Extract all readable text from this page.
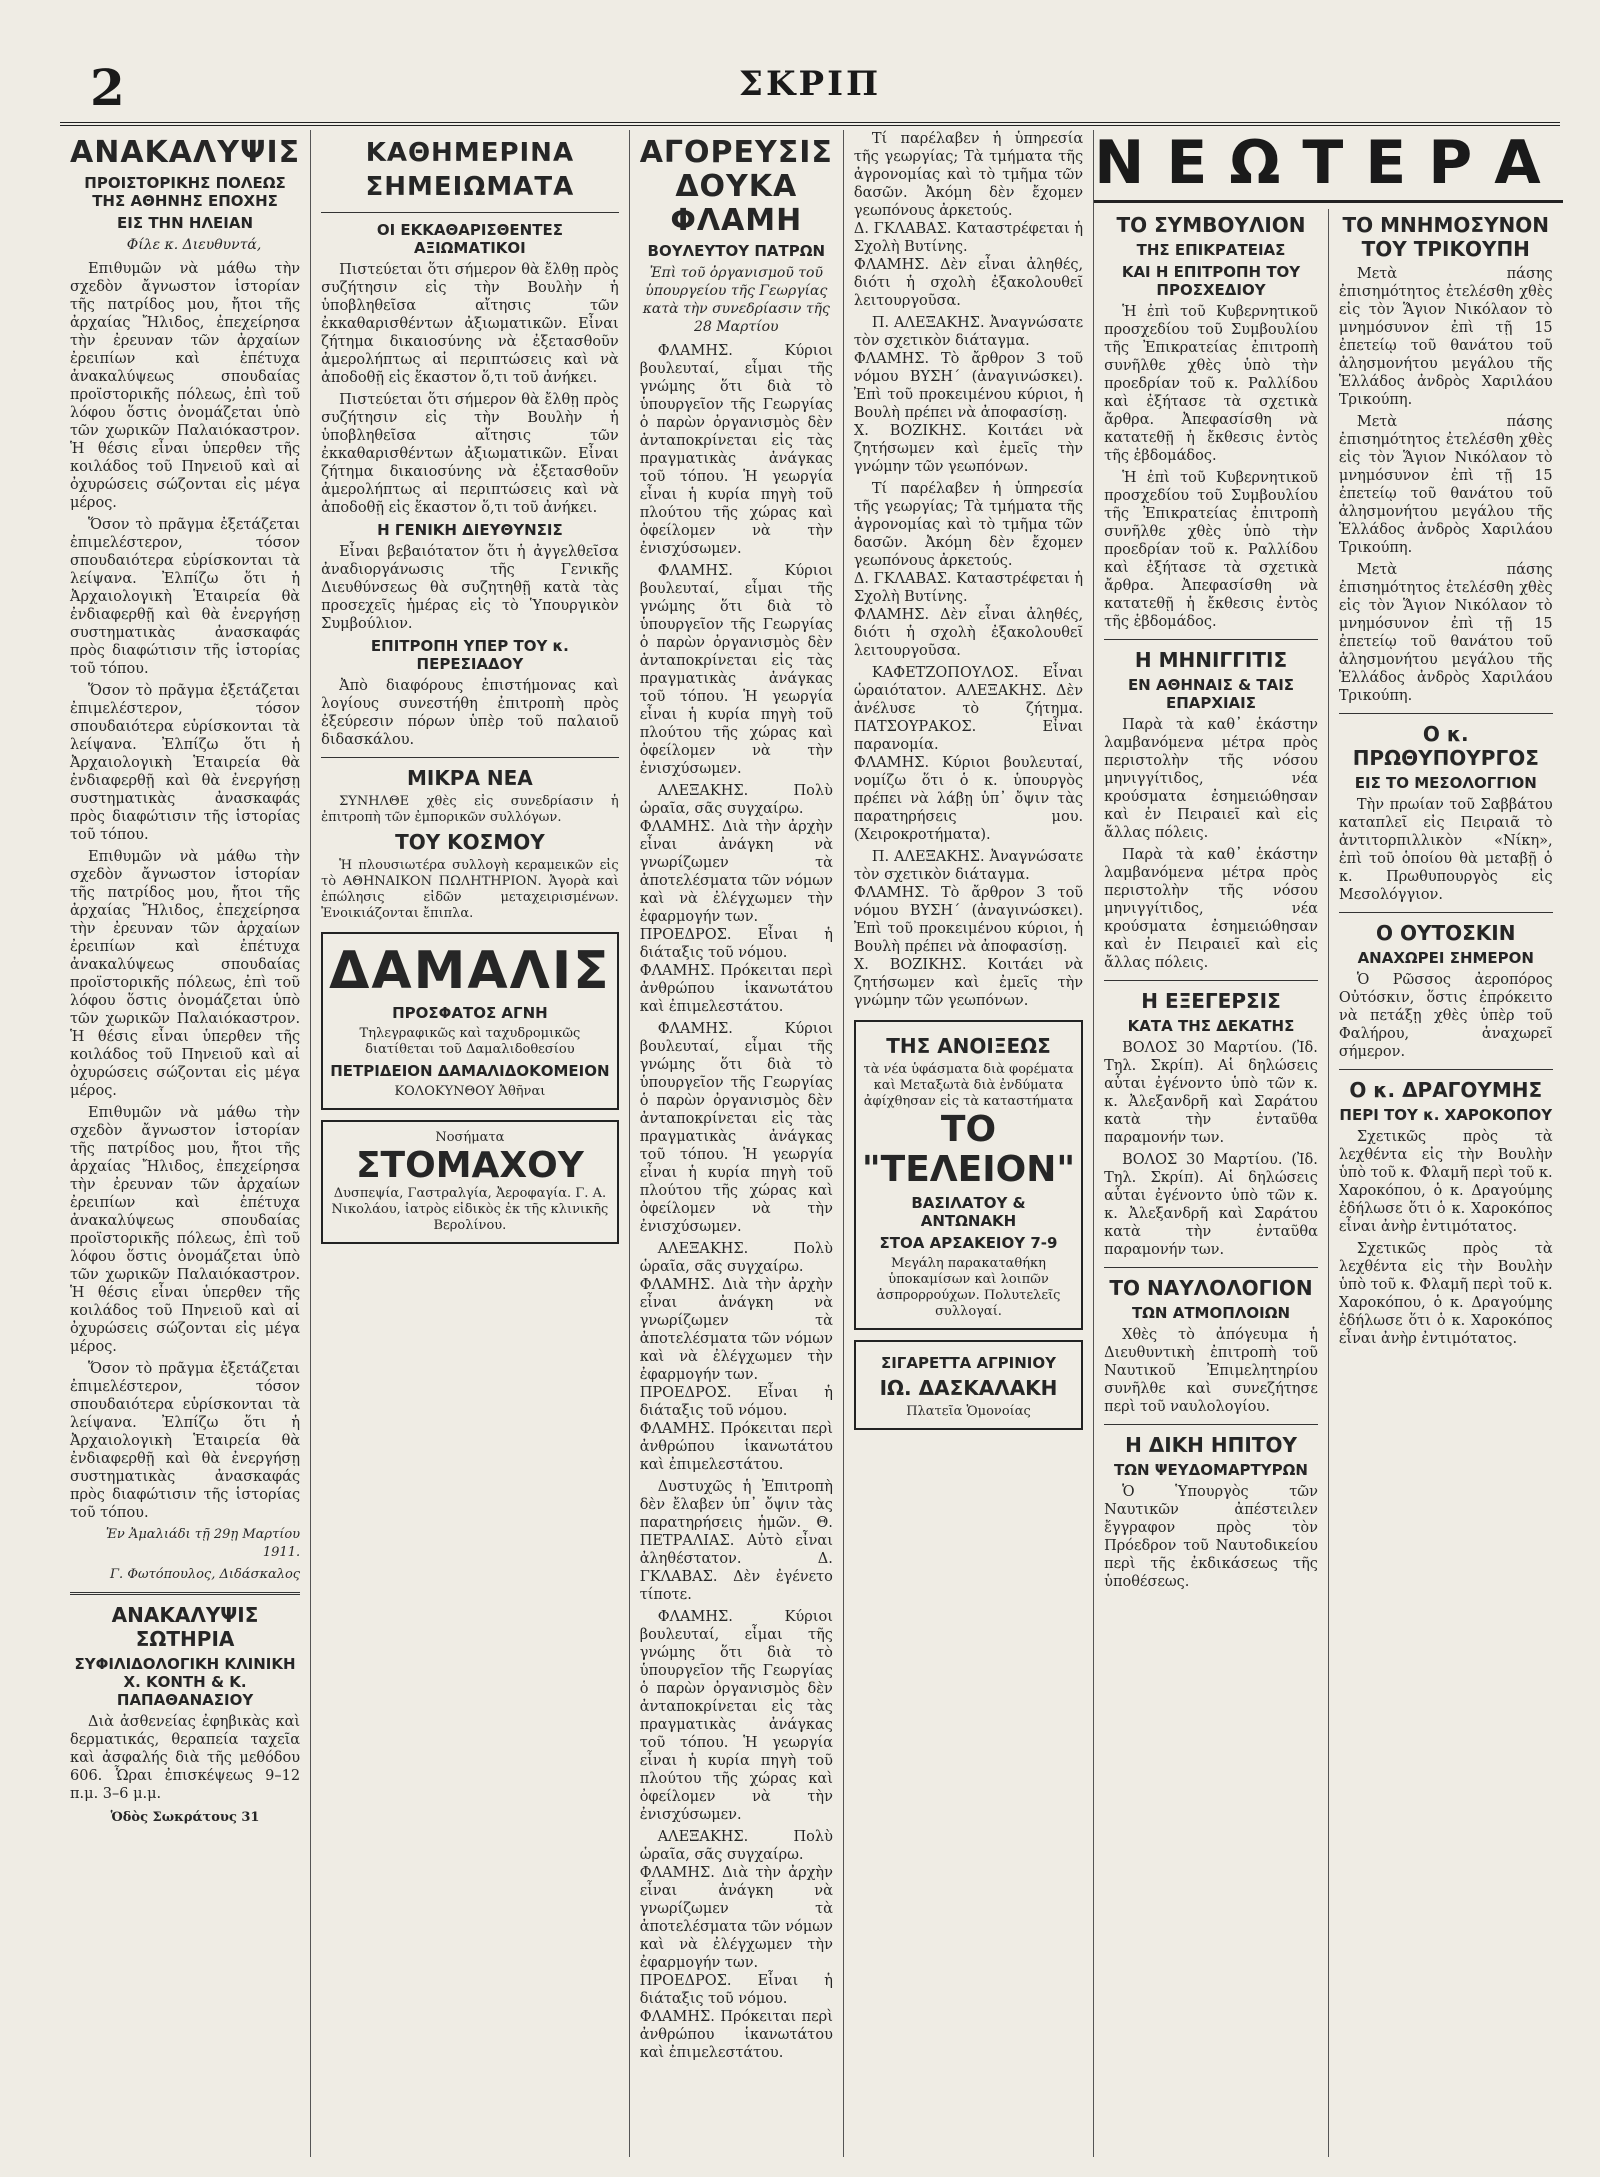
2	ΣΚΡΙΠ
ΑΝΑΚΑΛΥΨΙΣ
ΠΡΟΙΣΤΟΡΙΚΗΣ ΠΟΛΕΩΣ ΤΗΣ ΑΘΗΝΗΣ ΕΠΟΧΗΣ
ΕΙΣ ΤΗΝ ΗΛΕΙΑΝ

Φίλε κ. Διευθυντά,

Επιθυμῶν νὰ μάθω τὴν σχεδὸν ἄγνωστον ἱστορίαν τῆς πατρίδος μου, ἤτοι τῆς ἀρχαίας Ἤλιδος, ἐπεχείρησα τὴν ἐρευναν τῶν ἀρχαίων ἐρειπίων καὶ ἐπέτυχα ἀνακαλύψεως σπουδαίας προϊστορικῆς πόλεως, ἐπὶ τοῦ λόφου ὅστις ὀνομάζεται ὑπὸ τῶν χωρικῶν Παλαιόκαστρον. Ἡ θέσις εἶναι ὑπερθεν τῆς κοιλάδος τοῦ Πηνειοῦ καὶ αἱ ὀχυρώσεις σώζονται εἰς μέγα μέρος.

Ὅσον τὸ πρᾶγμα ἐξετάζεται ἐπιμελέστερον, τόσον σπουδαιότερα εὑρίσκονται τὰ λείψανα. Ἐλπίζω ὅτι ἡ Ἀρχαιολογικὴ Ἑταιρεία θὰ ἐνδιαφερθῇ καὶ θὰ ἐνεργήσῃ συστηματικὰς ἀνασκαφάς πρὸς διαφώτισιν τῆς ἱστορίας τοῦ τόπου.

Ὅσον τὸ πρᾶγμα ἐξετάζεται ἐπιμελέστερον, τόσον σπουδαιότερα εὑρίσκονται τὰ λείψανα. Ἐλπίζω ὅτι ἡ Ἀρχαιολογικὴ Ἑταιρεία θὰ ἐνδιαφερθῇ καὶ θὰ ἐνεργήσῃ συστηματικὰς ἀνασκαφάς πρὸς διαφώτισιν τῆς ἱστορίας τοῦ τόπου.

Επιθυμῶν νὰ μάθω τὴν σχεδὸν ἄγνωστον ἱστορίαν τῆς πατρίδος μου, ἤτοι τῆς ἀρχαίας Ἤλιδος, ἐπεχείρησα τὴν ἐρευναν τῶν ἀρχαίων ἐρειπίων καὶ ἐπέτυχα ἀνακαλύψεως σπουδαίας προϊστορικῆς πόλεως, ἐπὶ τοῦ λόφου ὅστις ὀνομάζεται ὑπὸ τῶν χωρικῶν Παλαιόκαστρον. Ἡ θέσις εἶναι ὑπερθεν τῆς κοιλάδος τοῦ Πηνειοῦ καὶ αἱ ὀχυρώσεις σώζονται εἰς μέγα μέρος.

Επιθυμῶν νὰ μάθω τὴν σχεδὸν ἄγνωστον ἱστορίαν τῆς πατρίδος μου, ἤτοι τῆς ἀρχαίας Ἤλιδος, ἐπεχείρησα τὴν ἐρευναν τῶν ἀρχαίων ἐρειπίων καὶ ἐπέτυχα ἀνακαλύψεως σπουδαίας προϊστορικῆς πόλεως, ἐπὶ τοῦ λόφου ὅστις ὀνομάζεται ὑπὸ τῶν χωρικῶν Παλαιόκαστρον. Ἡ θέσις εἶναι ὑπερθεν τῆς κοιλάδος τοῦ Πηνειοῦ καὶ αἱ ὀχυρώσεις σώζονται εἰς μέγα μέρος.

Ὅσον τὸ πρᾶγμα ἐξετάζεται ἐπιμελέστερον, τόσον σπουδαιότερα εὑρίσκονται τὰ λείψανα. Ἐλπίζω ὅτι ἡ Ἀρχαιολογικὴ Ἑταιρεία θὰ ἐνδιαφερθῇ καὶ θὰ ἐνεργήσῃ συστηματικὰς ἀνασκαφάς πρὸς διαφώτισιν τῆς ἱστορίας τοῦ τόπου.

Ἐν Ἀμαλιάδι τῇ 29ῃ Μαρτίου 1911.
Γ. Φωτόπουλος, Διδάσκαλος
ΑΝΑΚΑΛΥΨΙΣ ΣΩΤΗΡΙΑ
ΣΥΦΙΛΙΔΟΛΟΓΙΚΗ ΚΛΙΝΙΚΗ Χ. ΚΟΝΤΗ & Κ. ΠΑΠΑΘΑΝΑΣΙΟΥ

Διὰ ἀσθενείας ἐφηβικὰς καὶ δερματικάς, θεραπεία ταχεῖα καὶ ἀσφαλής διὰ τῆς μεθόδου 606. Ὧραι ἐπισκέψεως 9–12 π.μ. 3–6 μ.μ.

Ὁδὸς Σωκράτους 31
ΚΑΘΗΜΕΡΙΝΑ ΣΗΜΕΙΩΜΑΤΑ
ΟΙ ΕΚΚΑΘΑΡΙΣΘΕΝΤΕΣ ΑΞΙΩΜΑΤΙΚΟΙ

Πιστεύεται ὅτι σήμερον θὰ ἔλθῃ πρὸς συζήτησιν εἰς τὴν Βουλὴν ἡ ὑποβληθεῖσα αἴτησις τῶν ἐκκαθαρισθέντων ἀξιωματικῶν. Εἶναι ζήτημα δικαιοσύνης νὰ ἐξετασθοῦν ἀμερολήπτως αἱ περιπτώσεις καὶ νὰ ἀποδοθῇ εἰς ἕκαστον ὅ,τι τοῦ ἀνήκει.

Πιστεύεται ὅτι σήμερον θὰ ἔλθῃ πρὸς συζήτησιν εἰς τὴν Βουλὴν ἡ ὑποβληθεῖσα αἴτησις τῶν ἐκκαθαρισθέντων ἀξιωματικῶν. Εἶναι ζήτημα δικαιοσύνης νὰ ἐξετασθοῦν ἀμερολήπτως αἱ περιπτώσεις καὶ νὰ ἀποδοθῇ εἰς ἕκαστον ὅ,τι τοῦ ἀνήκει.

Η ΓΕΝΙΚΗ ΔΙΕΥΘΥΝΣΙΣ

Εἶναι βεβαιότατον ὅτι ἡ ἀγγελθεῖσα ἀναδιοργάνωσις τῆς Γενικῆς Διευθύνσεως θὰ συζητηθῇ κατὰ τὰς προσεχεῖς ἡμέρας εἰς τὸ Ὑπουργικὸν Συμβούλιον.

ΕΠΙΤΡΟΠΗ ΥΠΕΡ ΤΟΥ κ. ΠΕΡΕΣΙΑΔΟΥ

Ἀπὸ διαφόρους ἐπιστήμονας καὶ λογίους συνεστήθη ἐπιτροπὴ πρὸς ἐξεύρεσιν πόρων ὑπὲρ τοῦ παλαιοῦ διδασκάλου.

ΜΙΚΡΑ ΝΕΑ

ΣΥΝΗΛΘΕ χθὲς εἰς συνεδρίασιν ἡ ἐπιτροπὴ τῶν ἐμπορικῶν συλλόγων.

ΤΟΥ ΚΟΣΜΟΥ

Ἡ πλουσιωτέρα συλλογὴ κεραμεικῶν εἰς τὸ ΑΘΗΝΑΙΚΟΝ ΠΩΛΗΤΗΡΙΟΝ. Ἀγορὰ καὶ ἐπώλησις εἰδῶν μεταχειρισμένων. Ἐνοικιάζονται ἔπιπλα.

ΔΑΜΑΛΙΣ
ΠΡΟΣΦΑΤΟΣ ΑΓΝΗ
Τηλεγραφικῶς καὶ ταχυδρομικῶς διατίθεται τοῦ Δαμαλιδοθεσίου
ΠΕΤΡΙΔΕΙΟΝ ΔΑΜΑΛΙΔΟΚΟΜΕΙΟΝ
ΚΟΛΟΚΥΝΘΟΥ Ἀθῆναι
Νοσήματα
ΣΤΟΜΑΧΟΥ
Δυσπεψία, Γαστραλγία, Ἀεροφαγία. Γ. Α. Νικολάου, ἰατρὸς εἰδικὸς ἐκ τῆς κλινικῆς Βερολίνου.
ΑΓΟΡΕΥΣΙΣ ΔΟΥΚΑ ΦΛΑΜΗ
ΒΟΥΛΕΥΤΟΥ ΠΑΤΡΩΝ
Ἐπὶ τοῦ ὀργανισμοῦ τοῦ ὑπουργείου τῆς Γεωργίας κατὰ τὴν συνεδρίασιν τῆς 28 Μαρτίου

ΦΛΑΜΗΣ. Κύριοι βουλευταί, εἶμαι τῆς γνώμης ὅτι διὰ τὸ ὑπουργεῖον τῆς Γεωργίας ὁ παρὼν ὀργανισμὸς δὲν ἀνταποκρίνεται εἰς τὰς πραγματικὰς ἀνάγκας τοῦ τόπου. Ἡ γεωργία εἶναι ἡ κυρία πηγὴ τοῦ πλούτου τῆς χώρας καὶ ὀφείλομεν νὰ τὴν ἐνισχύσωμεν.

ΦΛΑΜΗΣ. Κύριοι βουλευταί, εἶμαι τῆς γνώμης ὅτι διὰ τὸ ὑπουργεῖον τῆς Γεωργίας ὁ παρὼν ὀργανισμὸς δὲν ἀνταποκρίνεται εἰς τὰς πραγματικὰς ἀνάγκας τοῦ τόπου. Ἡ γεωργία εἶναι ἡ κυρία πηγὴ τοῦ πλούτου τῆς χώρας καὶ ὀφείλομεν νὰ τὴν ἐνισχύσωμεν.

ΑΛΕΞΑΚΗΣ. Πολὺ ὡραῖα, σᾶς συγχαίρω.
ΦΛΑΜΗΣ. Διὰ τὴν ἀρχὴν εἶναι ἀνάγκη νὰ γνωρίζωμεν τὰ ἀποτελέσματα τῶν νόμων καὶ νὰ ἐλέγχωμεν τὴν ἐφαρμογήν των.
ΠΡΟΕΔΡΟΣ. Εἶναι ἡ διάταξις τοῦ νόμου.
ΦΛΑΜΗΣ. Πρόκειται περὶ ἀνθρώπου ἱκανωτάτου καὶ ἐπιμελεστάτου.

ΦΛΑΜΗΣ. Κύριοι βουλευταί, εἶμαι τῆς γνώμης ὅτι διὰ τὸ ὑπουργεῖον τῆς Γεωργίας ὁ παρὼν ὀργανισμὸς δὲν ἀνταποκρίνεται εἰς τὰς πραγματικὰς ἀνάγκας τοῦ τόπου. Ἡ γεωργία εἶναι ἡ κυρία πηγὴ τοῦ πλούτου τῆς χώρας καὶ ὀφείλομεν νὰ τὴν ἐνισχύσωμεν.

ΑΛΕΞΑΚΗΣ. Πολὺ ὡραῖα, σᾶς συγχαίρω.
ΦΛΑΜΗΣ. Διὰ τὴν ἀρχὴν εἶναι ἀνάγκη νὰ γνωρίζωμεν τὰ ἀποτελέσματα τῶν νόμων καὶ νὰ ἐλέγχωμεν τὴν ἐφαρμογήν των.
ΠΡΟΕΔΡΟΣ. Εἶναι ἡ διάταξις τοῦ νόμου.
ΦΛΑΜΗΣ. Πρόκειται περὶ ἀνθρώπου ἱκανωτάτου καὶ ἐπιμελεστάτου.

Δυστυχῶς ἡ Ἐπιτροπὴ δὲν ἔλαβεν ὑπ᾿ ὄψιν τὰς παρατηρήσεις ἡμῶν. Θ. ΠΕΤΡΑΛΙΑΣ. Αὐτὸ εἶναι ἀληθέστατον. Δ. ΓΚΛΑΒΑΣ. Δὲν ἐγένετο τίποτε.

ΦΛΑΜΗΣ. Κύριοι βουλευταί, εἶμαι τῆς γνώμης ὅτι διὰ τὸ ὑπουργεῖον τῆς Γεωργίας ὁ παρὼν ὀργανισμὸς δὲν ἀνταποκρίνεται εἰς τὰς πραγματικὰς ἀνάγκας τοῦ τόπου. Ἡ γεωργία εἶναι ἡ κυρία πηγὴ τοῦ πλούτου τῆς χώρας καὶ ὀφείλομεν νὰ τὴν ἐνισχύσωμεν.

ΑΛΕΞΑΚΗΣ. Πολὺ ὡραῖα, σᾶς συγχαίρω.
ΦΛΑΜΗΣ. Διὰ τὴν ἀρχὴν εἶναι ἀνάγκη νὰ γνωρίζωμεν τὰ ἀποτελέσματα τῶν νόμων καὶ νὰ ἐλέγχωμεν τὴν ἐφαρμογήν των.
ΠΡΟΕΔΡΟΣ. Εἶναι ἡ διάταξις τοῦ νόμου.
ΦΛΑΜΗΣ. Πρόκειται περὶ ἀνθρώπου ἱκανωτάτου καὶ ἐπιμελεστάτου.

Τί παρέλαβεν ἡ ὑπηρεσία τῆς γεωργίας; Τὰ τμήματα τῆς ἀγρονομίας καὶ τὸ τμῆμα τῶν δασῶν. Ἀκόμη δὲν ἔχομεν γεωπόνους ἀρκετούς.
Δ. ΓΚΛΑΒΑΣ. Καταστρέφεται ἡ Σχολὴ Βυτίνης.
ΦΛΑΜΗΣ. Δὲν εἶναι ἀληθές, διότι ἡ σχολὴ ἐξακολουθεῖ λειτουργοῦσα.

Π. ΑΛΕΞΑΚΗΣ. Ἀναγνώσατε τὸν σχετικὸν διάταγμα.
ΦΛΑΜΗΣ. Τὸ ἄρθρον 3 τοῦ νόμου ΒΥΣΗ΄ (ἀναγινώσκει). Ἐπὶ τοῦ προκειμένου κύριοι, ἡ Βουλὴ πρέπει νὰ ἀποφασίσῃ.
Χ. ΒΟΖΙΚΗΣ. Κοιτάει νὰ ζητήσωμεν καὶ ἐμεῖς τὴν γνώμην τῶν γεωπόνων.

Τί παρέλαβεν ἡ ὑπηρεσία τῆς γεωργίας; Τὰ τμήματα τῆς ἀγρονομίας καὶ τὸ τμῆμα τῶν δασῶν. Ἀκόμη δὲν ἔχομεν γεωπόνους ἀρκετούς.
Δ. ΓΚΛΑΒΑΣ. Καταστρέφεται ἡ Σχολὴ Βυτίνης.
ΦΛΑΜΗΣ. Δὲν εἶναι ἀληθές, διότι ἡ σχολὴ ἐξακολουθεῖ λειτουργοῦσα.

ΚΑΦΕΤΖΟΠΟΥΛΟΣ. Εἶναι ὡραιότατον. ΑΛΕΞΑΚΗΣ. Δὲν ἀνέλυσε τὸ ζήτημα. ΠΑΤΣΟΥΡΑΚΟΣ. Εἶναι παρανομία.
ΦΛΑΜΗΣ. Κύριοι βουλευταί, νομίζω ὅτι ὁ κ. ὑπουργὸς πρέπει νὰ λάβῃ ὑπ᾿ ὄψιν τὰς παρατηρήσεις μου. (Χειροκροτήματα).

Π. ΑΛΕΞΑΚΗΣ. Ἀναγνώσατε τὸν σχετικὸν διάταγμα.
ΦΛΑΜΗΣ. Τὸ ἄρθρον 3 τοῦ νόμου ΒΥΣΗ΄ (ἀναγινώσκει). Ἐπὶ τοῦ προκειμένου κύριοι, ἡ Βουλὴ πρέπει νὰ ἀποφασίσῃ.
Χ. ΒΟΖΙΚΗΣ. Κοιτάει νὰ ζητήσωμεν καὶ ἐμεῖς τὴν γνώμην τῶν γεωπόνων.

ΤΗΣ ΑΝΟΙΞΕΩΣ
τὰ νέα ὑφάσματα διὰ φορέματα καὶ Μεταξωτὰ διὰ ἐνδύματα ἀφίχθησαν εἰς τὰ καταστήματα
ΤΟ "ΤΕΛΕΙΟΝ"
ΒΑΣΙΛΑΤΟΥ & ΑΝΤΩΝΑΚΗ
ΣΤΟΑ ΑΡΣΑΚΕΙΟΥ 7-9
Μεγάλη παρακαταθήκη ὑποκαμίσων καὶ λοιπῶν ἀσπρορρούχων. Πολυτελεῖς συλλογαί.
ΣΙΓΑΡΕΤΤΑ ΑΓΡΙΝΙΟΥ
ΙΩ. ΔΑΣΚΑΛΑΚΗ
Πλατεῖα Ὁμονοίας
ΝΕΩΤΕΡΑ
ΤΟ ΣΥΜΒΟΥΛΙΟΝ
ΤΗΣ ΕΠΙΚΡΑΤΕΙΑΣ
ΚΑΙ Η ΕΠΙΤΡΟΠΗ ΤΟΥ ΠΡΟΣΧΕΔΙΟΥ

Ἡ ἐπὶ τοῦ Κυβερνητικοῦ προσχεδίου τοῦ Συμβουλίου τῆς Ἐπικρατείας ἐπιτροπὴ συνῆλθε χθὲς ὑπὸ τὴν προεδρίαν τοῦ κ. Ραλλίδου καὶ ἐξήτασε τὰ σχετικὰ ἄρθρα. Ἀπεφασίσθη νὰ κατατεθῇ ἡ ἔκθεσις ἐντὸς τῆς ἑβδομάδος.

Ἡ ἐπὶ τοῦ Κυβερνητικοῦ προσχεδίου τοῦ Συμβουλίου τῆς Ἐπικρατείας ἐπιτροπὴ συνῆλθε χθὲς ὑπὸ τὴν προεδρίαν τοῦ κ. Ραλλίδου καὶ ἐξήτασε τὰ σχετικὰ ἄρθρα. Ἀπεφασίσθη νὰ κατατεθῇ ἡ ἔκθεσις ἐντὸς τῆς ἑβδομάδος.

Η ΜΗΝΙΓΓΙΤΙΣ
ΕΝ ΑΘΗΝΑΙΣ & ΤΑΙΣ ΕΠΑΡΧΙΑΙΣ

Παρὰ τὰ καθ᾿ ἑκάστην λαμβανόμενα μέτρα πρὸς περιστολὴν τῆς νόσου μηνιγγίτιδος, νέα κρούσματα ἐσημειώθησαν καὶ ἐν Πειραιεῖ καὶ εἰς ἄλλας πόλεις.

Παρὰ τὰ καθ᾿ ἑκάστην λαμβανόμενα μέτρα πρὸς περιστολὴν τῆς νόσου μηνιγγίτιδος, νέα κρούσματα ἐσημειώθησαν καὶ ἐν Πειραιεῖ καὶ εἰς ἄλλας πόλεις.

Η ΕΞΕΓΕΡΣΙΣ
ΚΑΤΑ ΤΗΣ ΔΕΚΑΤΗΣ

ΒΟΛΟΣ 30 Μαρτίου. (Ἰδ. Τηλ. Σκρίπ). Αἱ δηλώσεις αὗται ἐγένοντο ὑπὸ τῶν κ. κ. Ἀλεξανδρῆ καὶ Σαράτου κατὰ τὴν ἐνταῦθα παραμονήν των.

ΒΟΛΟΣ 30 Μαρτίου. (Ἰδ. Τηλ. Σκρίπ). Αἱ δηλώσεις αὗται ἐγένοντο ὑπὸ τῶν κ. κ. Ἀλεξανδρῆ καὶ Σαράτου κατὰ τὴν ἐνταῦθα παραμονήν των.

ΤΟ ΝΑΥΛΟΛΟΓΙΟΝ
ΤΩΝ ΑΤΜΟΠΛΟΙΩΝ

Χθὲς τὸ ἀπόγευμα ἡ Διευθυντικὴ ἐπιτροπὴ τοῦ Ναυτικοῦ Ἐπιμελητηρίου συνῆλθε καὶ συνεζήτησε περὶ τοῦ ναυλολογίου.

Η ΔΙΚΗ ΗΠΙΤΟΥ
ΤΩΝ ΨΕΥΔΟΜΑΡΤΥΡΩΝ

Ὁ Ὑπουργὸς τῶν Ναυτικῶν ἀπέστειλεν ἔγγραφον πρὸς τὸν Πρόεδρον τοῦ Ναυτοδικείου περὶ τῆς ἐκδικάσεως τῆς ὑποθέσεως.

ΤΟ ΜΝΗΜΟΣΥΝΟΝ ΤΟΥ ΤΡΙΚΟΥΠΗ

Μετὰ πάσης ἐπισημότητος ἐτελέσθη χθὲς εἰς τὸν Ἅγιον Νικόλαον τὸ μνημόσυνον ἐπὶ τῇ 15 ἐπετείῳ τοῦ θανάτου τοῦ ἀλησμονήτου μεγάλου τῆς Ἑλλάδος ἀνδρὸς Χαριλάου Τρικούπη.

Μετὰ πάσης ἐπισημότητος ἐτελέσθη χθὲς εἰς τὸν Ἅγιον Νικόλαον τὸ μνημόσυνον ἐπὶ τῇ 15 ἐπετείῳ τοῦ θανάτου τοῦ ἀλησμονήτου μεγάλου τῆς Ἑλλάδος ἀνδρὸς Χαριλάου Τρικούπη.

Μετὰ πάσης ἐπισημότητος ἐτελέσθη χθὲς εἰς τὸν Ἅγιον Νικόλαον τὸ μνημόσυνον ἐπὶ τῇ 15 ἐπετείῳ τοῦ θανάτου τοῦ ἀλησμονήτου μεγάλου τῆς Ἑλλάδος ἀνδρὸς Χαριλάου Τρικούπη.

Ο κ. ΠΡΩΘΥΠΟΥΡΓΟΣ
ΕΙΣ ΤΟ ΜΕΣΟΛΟΓΓΙΟΝ

Τὴν πρωίαν τοῦ Σαββάτου καταπλεῖ εἰς Πειραιᾶ τὸ ἀντιτορπιλλικὸν «Νίκη», ἐπὶ τοῦ ὁποίου θὰ μεταβῇ ὁ κ. Πρωθυπουργὸς εἰς Μεσολόγγιον.

Ο ΟΥΤΟΣΚΙΝ
ΑΝΑΧΩΡΕΙ ΣΗΜΕΡΟΝ

Ὁ Ρῶσσος ἀεροπόρος Οὐτόσκιν, ὅστις ἐπρόκειτο νὰ πετάξῃ χθὲς ὑπὲρ τοῦ Φαλήρου, ἀναχωρεῖ σήμερον.

Ο κ. ΔΡΑΓΟΥΜΗΣ
ΠΕΡΙ ΤΟΥ κ. ΧΑΡΟΚΟΠΟΥ

Σχετικῶς πρὸς τὰ λεχθέντα εἰς τὴν Βουλὴν ὑπὸ τοῦ κ. Φλαμῆ περὶ τοῦ κ. Χαροκόπου, ὁ κ. Δραγούμης ἐδήλωσε ὅτι ὁ κ. Χαροκόπος εἶναι ἀνὴρ ἐντιμότατος.

Σχετικῶς πρὸς τὰ λεχθέντα εἰς τὴν Βουλὴν ὑπὸ τοῦ κ. Φλαμῆ περὶ τοῦ κ. Χαροκόπου, ὁ κ. Δραγούμης ἐδήλωσε ὅτι ὁ κ. Χαροκόπος εἶναι ἀνὴρ ἐντιμότατος.
